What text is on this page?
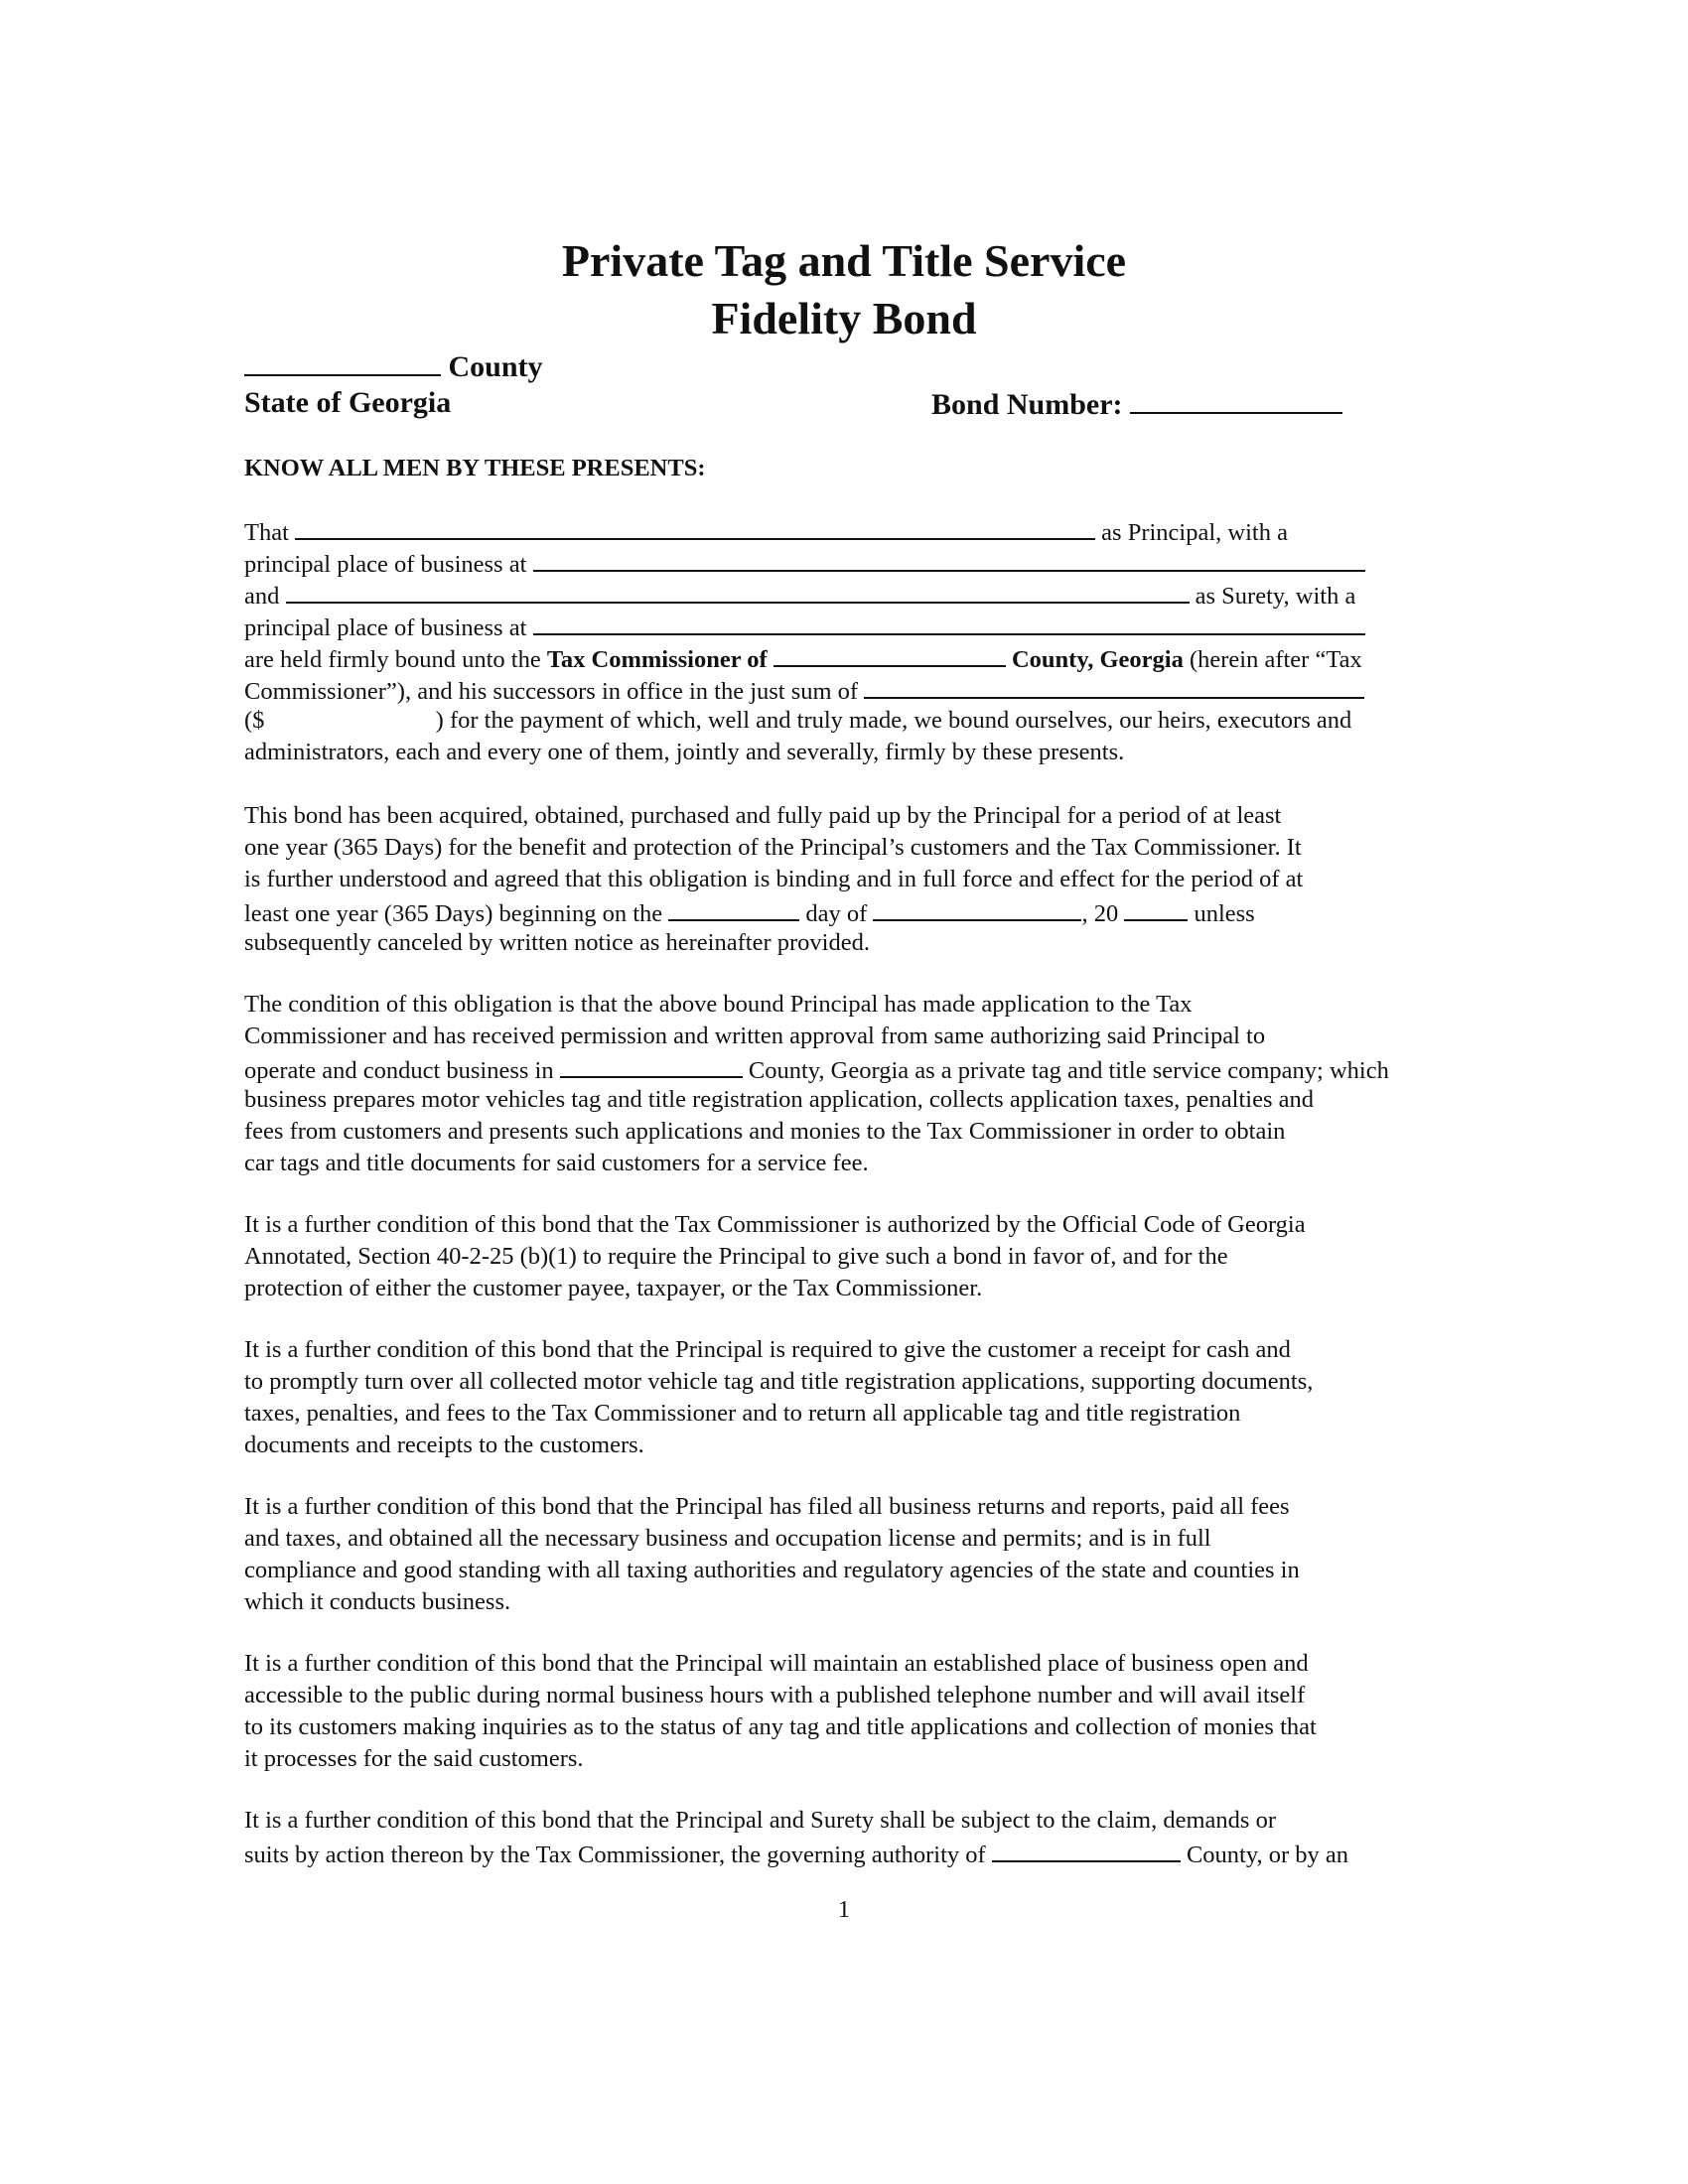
Private Tag and Title Service
Fidelity Bond
County
State of Georgia	Bond Number:
KNOW ALL MEN BY THESE PRESENTS:
That	as Principal, with a
principal place of business at
and	as Surety, with a
principal place of business at
are held firmly bound unto the Tax Commissioner of	County, Georgia (herein after “Tax
Commissioner”), and his successors in office in the just sum of
($	) for the payment of which, well and truly made, we bound ourselves, our heirs, executors and
administrators, each and every one of them, jointly and severally, firmly by these presents.
This bond has been acquired, obtained, purchased and fully paid up by the Principal for a period of at least
one year (365 Days) for the benefit and protection of the Principal’s customers and the Tax Commissioner. It
is further understood and agreed that this obligation is binding and in full force and effect for the period of at
least one year (365 Days) beginning on the	day of	, 20	unless
subsequently canceled by written notice as hereinafter provided.
The condition of this obligation is that the above bound Principal has made application to the Tax
Commissioner and has received permission and written approval from same authorizing said Principal to
operate and conduct business in	County, Georgia as a private tag and title service company; which
business prepares motor vehicles tag and title registration application, collects application taxes, penalties and
fees from customers and presents such applications and monies to the Tax Commissioner in order to obtain
car tags and title documents for said customers for a service fee.
It is a further condition of this bond that the Tax Commissioner is authorized by the Official Code of Georgia
Annotated, Section 40-2-25 (b)(1) to require the Principal to give such a bond in favor of, and for the
protection of either the customer payee, taxpayer, or the Tax Commissioner.
It is a further condition of this bond that the Principal is required to give the customer a receipt for cash and
to promptly turn over all collected motor vehicle tag and title registration applications, supporting documents,
taxes, penalties, and fees to the Tax Commissioner and to return all applicable tag and title registration
documents and receipts to the customers.
It is a further condition of this bond that the Principal has filed all business returns and reports, paid all fees
and taxes, and obtained all the necessary business and occupation license and permits; and is in full
compliance and good standing with all taxing authorities and regulatory agencies of the state and counties in
which it conducts business.
It is a further condition of this bond that the Principal will maintain an established place of business open and
accessible to the public during normal business hours with a published telephone number and will avail itself
to its customers making inquiries as to the status of any tag and title applications and collection of monies that
it processes for the said customers.
It is a further condition of this bond that the Principal and Surety shall be subject to the claim, demands or
suits by action thereon by the Tax Commissioner, the governing authority of	County, or by an
1
